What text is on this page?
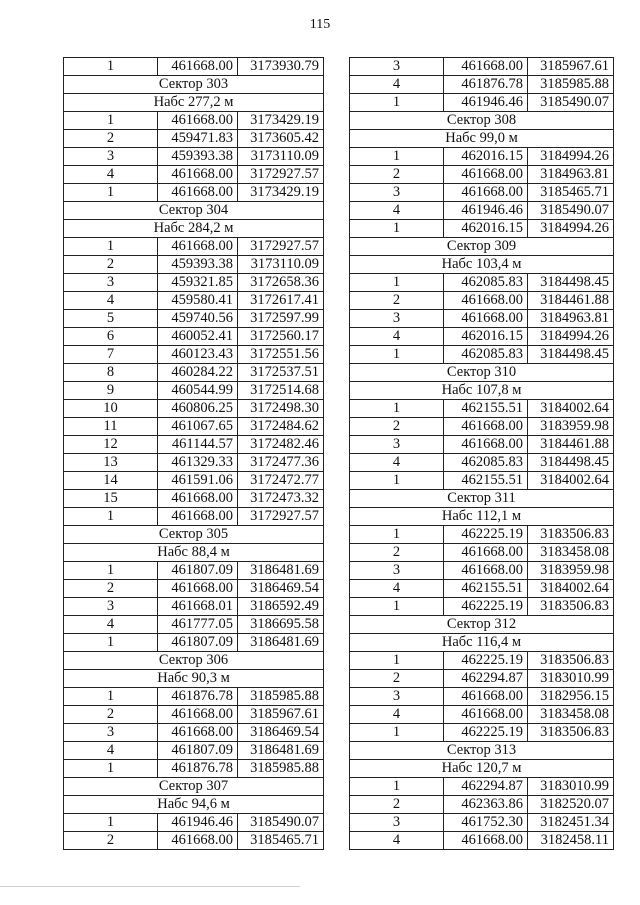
115
1	461668.00	3173930.79
Сектор 303		
Набс 277,2 м		
1	461668.00	3173429.19
2	459471.83	3173605.42
3	459393.38	3173110.09
4	461668.00	3172927.57
1	461668.00	3173429.19
Сектор 304		
Набс 284,2 м		
1	461668.00	3172927.57
2	459393.38	3173110.09
3	459321.85	3172658.36
4	459580.41	3172617.41
5	459740.56	3172597.99
6	460052.41	3172560.17
7	460123.43	3172551.56
8	460284.22	3172537.51
9	460544.99	3172514.68
10	460806.25	3172498.30
11	461067.65	3172484.62
12	461144.57	3172482.46
13	461329.33	3172477.36
14	461591.06	3172472.77
15	461668.00	3172473.32
1	461668.00	3172927.57
Сектор 305		
Набс 88,4 м		
1	461807.09	3186481.69
2	461668.00	3186469.54
3	461668.01	3186592.49
4	461777.05	3186695.58
1	461807.09	3186481.69
Сектор 306		
Набс 90,3 м		
1	461876.78	3185985.88
2	461668.00	3185967.61
3	461668.00	3186469.54
4	461807.09	3186481.69
1	461876.78	3185985.88
Сектор 307		
Набс 94,6 м		
1	461946.46	3185490.07
2	461668.00	3185465.71
3	461668.00	3185967.61
4	461876.78	3185985.88
1	461946.46	3185490.07
Сектор 308		
Набс 99,0 м		
1	462016.15	3184994.26
2	461668.00	3184963.81
3	461668.00	3185465.71
4	461946.46	3185490.07
1	462016.15	3184994.26
Сектор 309		
Набс 103,4 м		
1	462085.83	3184498.45
2	461668.00	3184461.88
3	461668.00	3184963.81
4	462016.15	3184994.26
1	462085.83	3184498.45
Сектор 310		
Набс 107,8 м		
1	462155.51	3184002.64
2	461668.00	3183959.98
3	461668.00	3184461.88
4	462085.83	3184498.45
1	462155.51	3184002.64
Сектор 311		
Набс 112,1 м		
1	462225.19	3183506.83
2	461668.00	3183458.08
3	461668.00	3183959.98
4	462155.51	3184002.64
1	462225.19	3183506.83
Сектор 312		
Набс 116,4 м		
1	462225.19	3183506.83
2	462294.87	3183010.99
3	461668.00	3182956.15
4	461668.00	3183458.08
1	462225.19	3183506.83
Сектор 313		
Набс 120,7 м		
1	462294.87	3183010.99
2	462363.86	3182520.07
3	461752.30	3182451.34
4	461668.00	3182458.11
